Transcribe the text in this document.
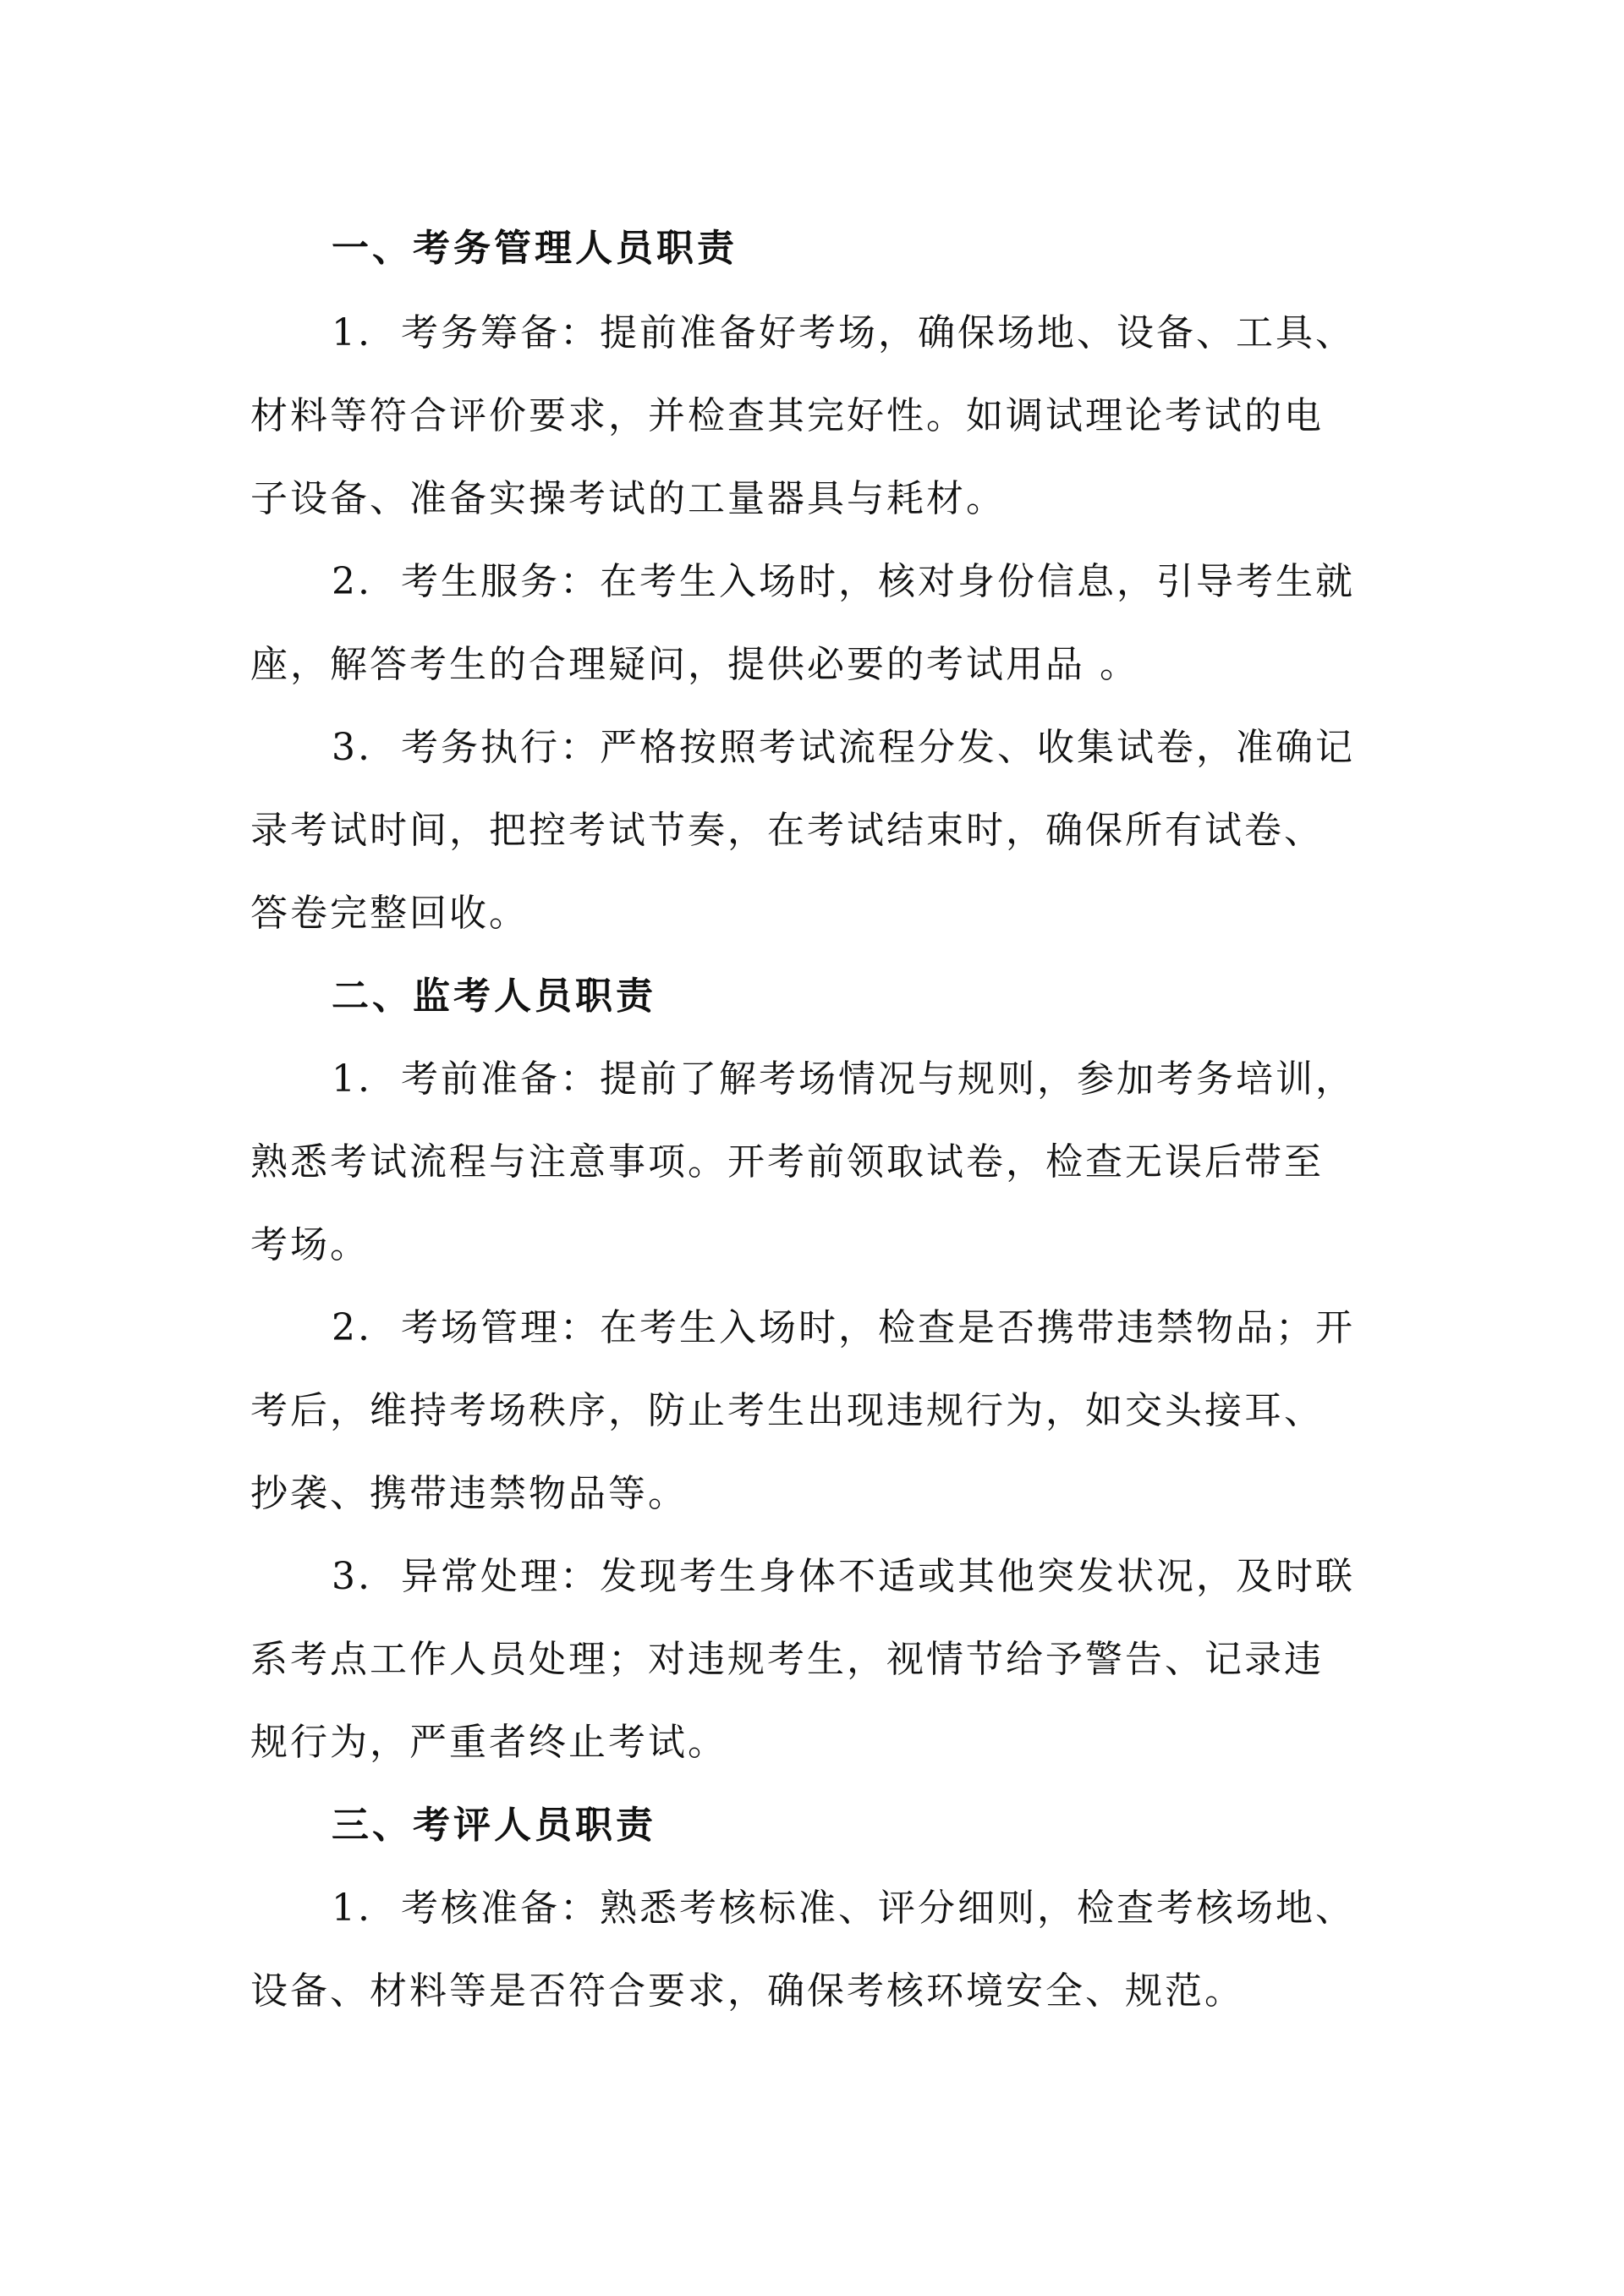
一、考务管理人员职责
1.  考务筹备：提前准备好考场，确保场地、设备、工具、
材料等符合评价要求，并检查其完好性。如调试理论考试的电
子设备、准备实操考试的工量器具与耗材。
2.  考生服务：在考生入场时，核对身份信息，引导考生就
座，解答考生的合理疑问，提供必要的考试用品 。
3.  考务执行：严格按照考试流程分发、收集试卷，准确记
录考试时间，把控考试节奏，在考试结束时，确保所有试卷、
答卷完整回收。
二、监考人员职责
1.  考前准备：提前了解考场情况与规则，参加考务培训，
熟悉考试流程与注意事项。开考前领取试卷，检查无误后带至
考场。
2.  考场管理：在考生入场时，检查是否携带违禁物品；开
考后，维持考场秩序，防止考生出现违规行为，如交头接耳、
抄袭、携带违禁物品等。
3.  异常处理：发现考生身体不适或其他突发状况，及时联
系考点工作人员处理；对违规考生，视情节给予警告、记录违
规行为，严重者终止考试。
三、考评人员职责
1.  考核准备：熟悉考核标准、评分细则，检查考核场地、
设备、材料等是否符合要求，确保考核环境安全、规范。
